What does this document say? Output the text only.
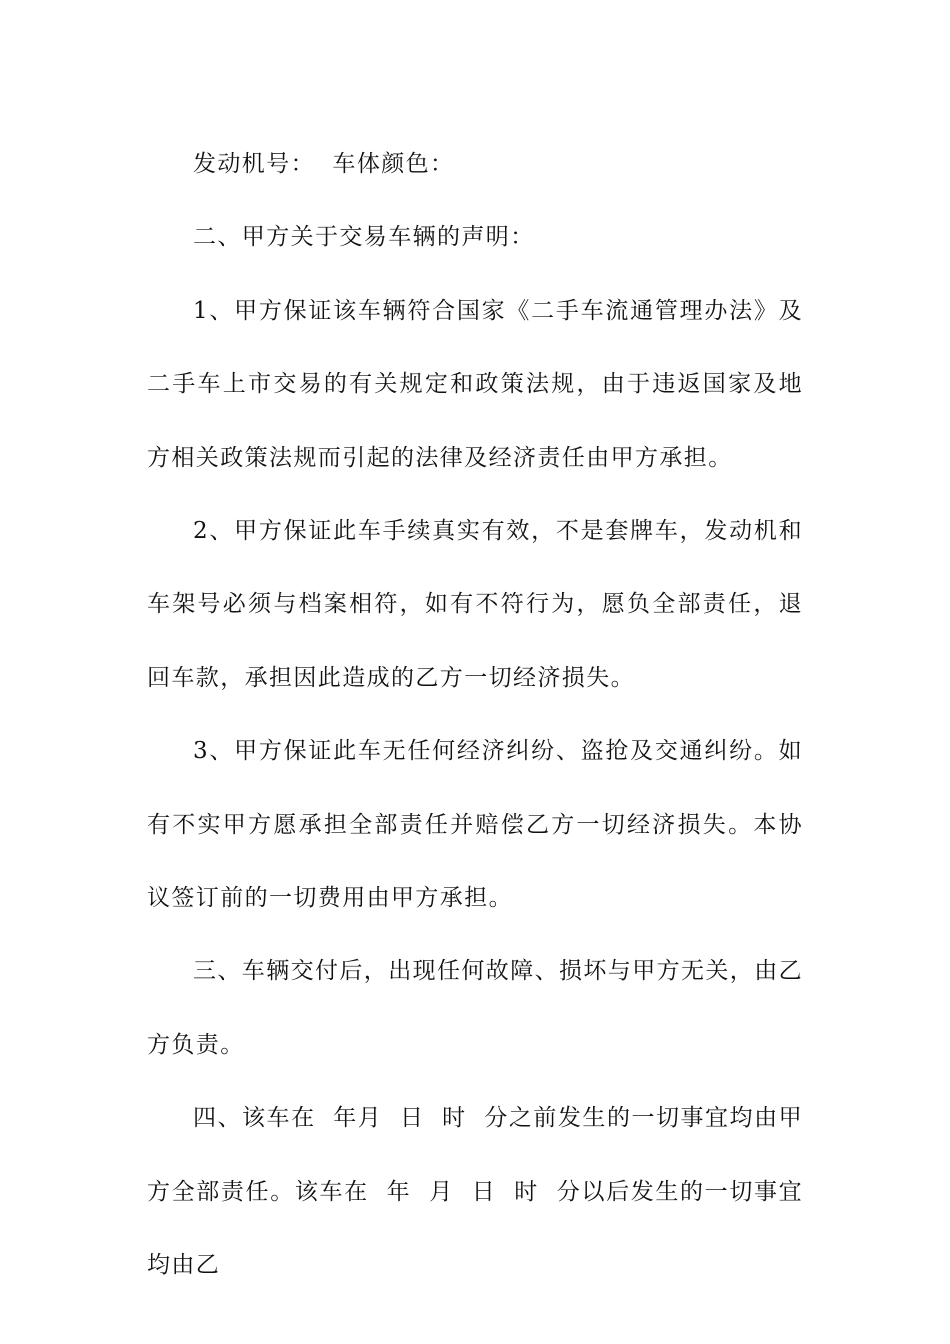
发动机号：  车体颜色：

二、甲方关于交易车辆的声明：

1、甲方保证该车辆符合国家《二手车流通管理办法》及二手车上市交易的有关规定和政策法规，由于违返国家及地方相关政策法规而引起的法律及经济责任由甲方承担。

2、甲方保证此车手续真实有效，不是套牌车，发动机和车架号必须与档案相符，如有不符行为，愿负全部责任，退回车款，承担因此造成的乙方一切经济损失。

3、甲方保证此车无任何经济纠纷、盗抢及交通纠纷。如有不实甲方愿承担全部责任并赔偿乙方一切经济损失。本协议签订前的一切费用由甲方承担。

三、车辆交付后，出现任何故障、损坏与甲方无关，由乙方负责。

四、该车在  年月  日  时  分之前发生的一切事宜均由甲方全部责任。该车在  年  月  日  时  分以后发生的一切事宜均由乙
